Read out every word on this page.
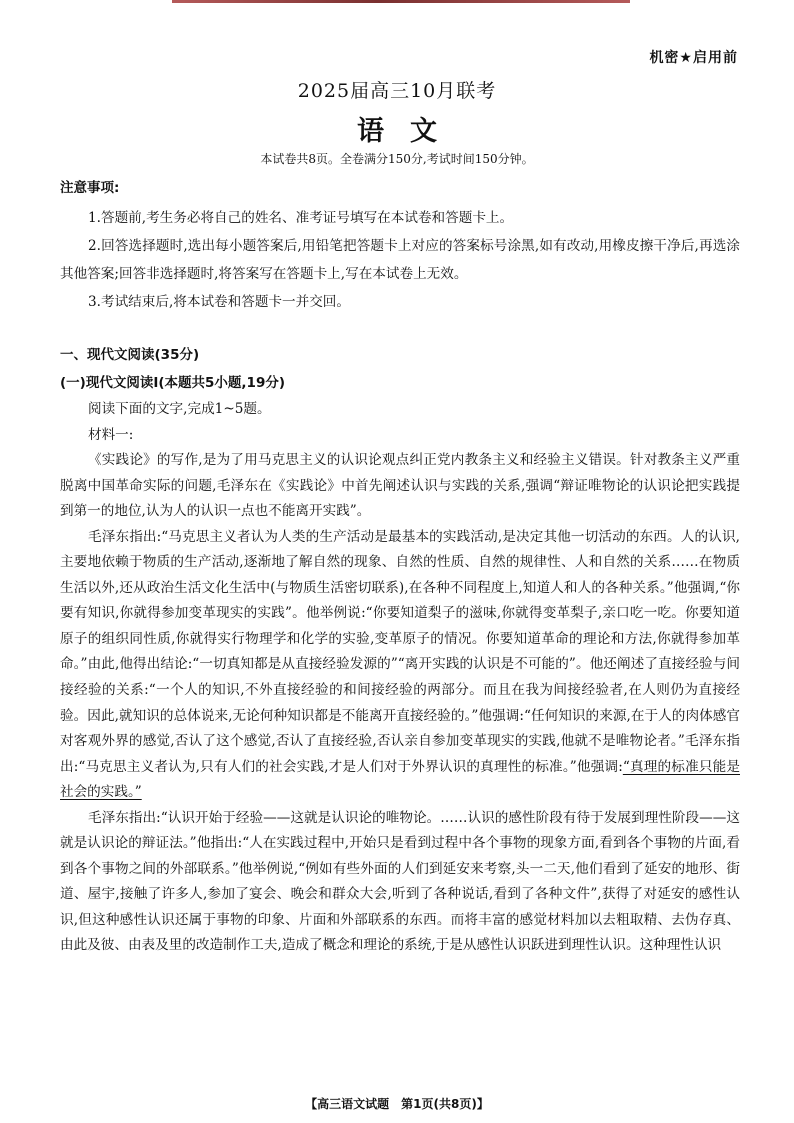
机密★启用前
2025届高三10月联考
语文
本试卷共8页。全卷满分150分,考试时间150分钟。
注意事项:

1.答题前,考生务必将自己的姓名、准考证号填写在本试卷和答题卡上。

2.回答选择题时,选出每小题答案后,用铅笔把答题卡上对应的答案标号涂黑,如有改动,用橡皮擦干净后,再选涂其他答案;回答非选择题时,将答案写在答题卡上,写在本试卷上无效。

3.考试结束后,将本试卷和答题卡一并交回。

一、现代文阅读(35分)
(一)现代文阅读Ⅰ(本题共5小题,19分)

阅读下面的文字,完成1~5题。

材料一:

《实践论》的写作,是为了用马克思主义的认识论观点纠正党内教条主义和经验主义错误。针对教条主义严重脱离中国革命实际的问题,毛泽东在《实践论》中首先阐述认识与实践的关系,强调“辩证唯物论的认识论把实践提到第一的地位,认为人的认识一点也不能离开实践”。

毛泽东指出:“马克思主义者认为人类的生产活动是最基本的实践活动,是决定其他一切活动的东西。人的认识,主要地依赖于物质的生产活动,逐渐地了解自然的现象、自然的性质、自然的规律性、人和自然的关系……在物质生活以外,还从政治生活文化生活中(与物质生活密切联系),在各种不同程度上,知道人和人的各种关系。”他强调,“你要有知识,你就得参加变革现实的实践”。他举例说:“你要知道梨子的滋味,你就得变革梨子,亲口吃一吃。你要知道原子的组织同性质,你就得实行物理学和化学的实验,变革原子的情况。你要知道革命的理论和方法,你就得参加革命。”由此,他得出结论:“一切真知都是从直接经验发源的”“离开实践的认识是不可能的”。他还阐述了直接经验与间接经验的关系:“一个人的知识,不外直接经验的和间接经验的两部分。而且在我为间接经验者,在人则仍为直接经验。因此,就知识的总体说来,无论何种知识都是不能离开直接经验的。”他强调:“任何知识的来源,在于人的肉体感官对客观外界的感觉,否认了这个感觉,否认了直接经验,否认亲自参加变革现实的实践,他就不是唯物论者。”毛泽东指出:“马克思主义者认为,只有人们的社会实践,才是人们对于外界认识的真理性的标准。”他强调:“真理的标准只能是社会的实践。”

毛泽东指出:“认识开始于经验——这就是认识论的唯物论。……认识的感性阶段有待于发展到理性阶段——这就是认识论的辩证法。”他指出:“人在实践过程中,开始只是看到过程中各个事物的现象方面,看到各个事物的片面,看到各个事物之间的外部联系。”他举例说,“例如有些外面的人们到延安来考察,头一二天,他们看到了延安的地形、街道、屋宇,接触了许多人,参加了宴会、晚会和群众大会,听到了各种说话,看到了各种文件”,获得了对延安的感性认识,但这种感性认识还属于事物的印象、片面和外部联系的东西。而将丰富的感觉材料加以去粗取精、去伪存真、由此及彼、由表及里的改造制作工夫,造成了概念和理论的系统,于是从感性认识跃进到理性认识。这种理性认识

【高三语文试题　第1页(共8页)】
